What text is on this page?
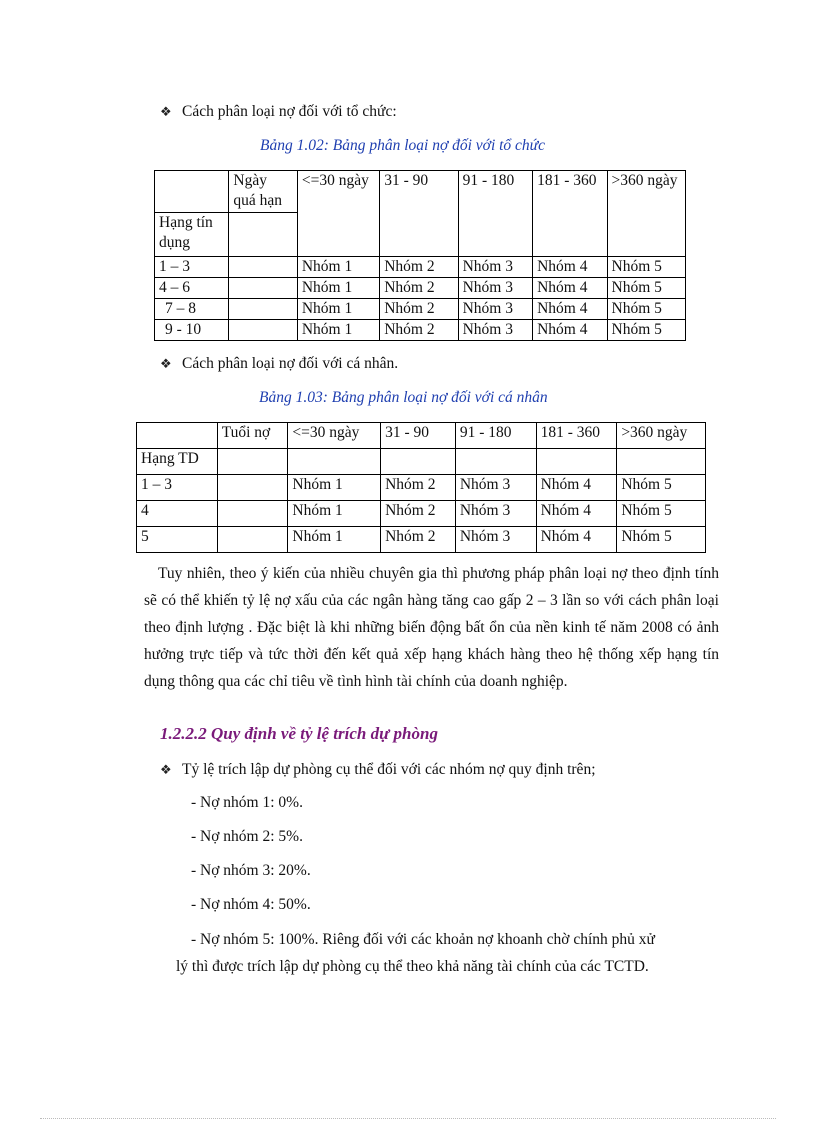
❖ Cách phân loại nợ đối với tổ chức:
Bảng 1.02: Bảng phân loại nợ đối với tổ chức
	Ngày quá hạn	<=30 ngày	31 - 90	91 - 180	181 - 360	>360 ngày
Hạng tín dụng						
1 – 3		Nhóm 1	Nhóm 2	Nhóm 3	Nhóm 4	Nhóm 5
4 – 6		Nhóm 1	Nhóm 2	Nhóm 3	Nhóm 4	Nhóm 5
7 – 8		Nhóm 1	Nhóm 2	Nhóm 3	Nhóm 4	Nhóm 5
9 - 10		Nhóm 1	Nhóm 2	Nhóm 3	Nhóm 4	Nhóm 5
❖ Cách phân loại nợ đối với cá nhân.
Bảng 1.03: Bảng phân loại nợ đối với cá nhân
	Tuổi nợ	<=30 ngày	31 - 90	91 - 180	181 - 360	>360 ngày
Hạng TD						
1 – 3		Nhóm 1	Nhóm 2	Nhóm 3	Nhóm 4	Nhóm 5
4		Nhóm 1	Nhóm 2	Nhóm 3	Nhóm 4	Nhóm 5
5		Nhóm 1	Nhóm 2	Nhóm 3	Nhóm 4	Nhóm 5
Tuy nhiên, theo ý kiến của nhiều chuyên gia thì phương pháp phân loại nợ theo định tính sẽ có thể khiến tỷ lệ nợ xấu của các ngân hàng tăng cao gấp 2 – 3 lần so với cách phân loại theo định lượng . Đặc biệt là khi những biến động bất ổn của nền kinh tế năm 2008 có ảnh hưởng trực tiếp và tức thời đến kết quả xếp hạng khách hàng theo hệ thống xếp hạng tín dụng thông qua các chỉ tiêu về tình hình tài chính của doanh nghiệp.
1.2.2.2 Quy định về tỷ lệ trích dự phòng
❖ Tỷ lệ trích lập dự phòng cụ thể đối với các nhóm nợ quy định trên;
- Nợ nhóm 1: 0%.
- Nợ nhóm 2: 5%.
- Nợ nhóm 3: 20%.
- Nợ nhóm 4: 50%.
- Nợ nhóm 5: 100%. Riêng đối với các khoản nợ khoanh chờ chính phủ xử
lý thì được trích lập dự phòng cụ thể theo khả năng tài chính của các TCTD.
